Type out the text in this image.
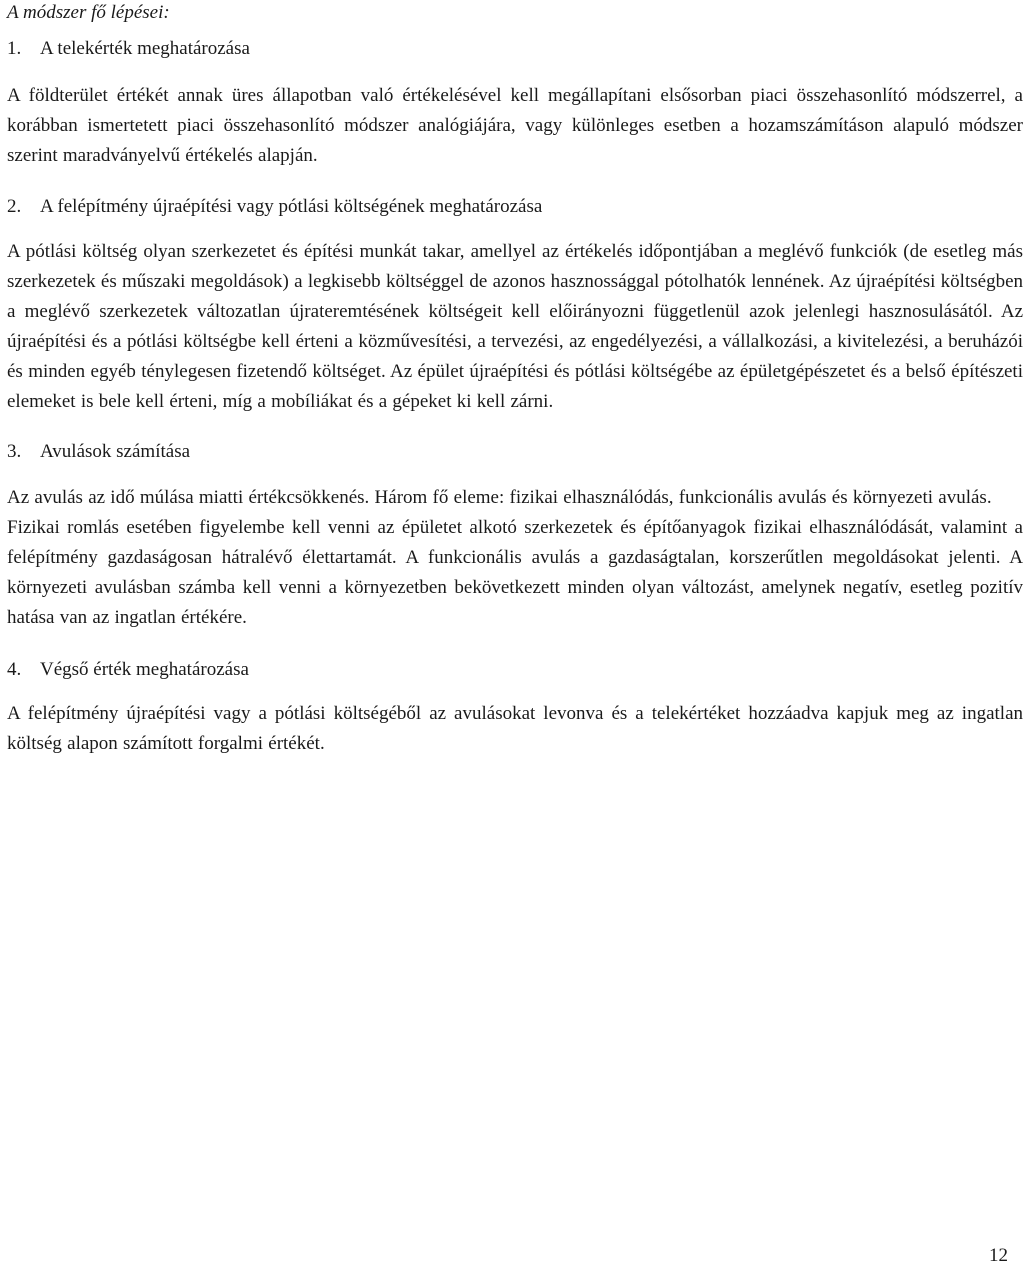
A módszer fő lépései:

1. A telekérték meghatározása

A földterület értékét annak üres állapotban való értékelésével kell megállapítani elsősorban piaci összehasonlító módszerrel, a korábban ismertetett piaci összehasonlító módszer analógiájára, vagy különleges esetben a hozamszámításon alapuló módszer szerint maradványelvű értékelés alapján.

2. A felépítmény újraépítési vagy pótlási költségének meghatározása

A pótlási költség olyan szerkezetet és építési munkát takar, amellyel az értékelés időpontjában a meglévő funkciók (de esetleg más szerkezetek és műszaki megoldások) a legkisebb költséggel de azonos hasznossággal pótolhatók lennének. Az újraépítési költségben a meglévő szerkezetek változatlan újrateremtésének költségeit kell előirányozni függetlenül azok jelenlegi hasznosulásától. Az újraépítési és a pótlási költségbe kell érteni a közművesítési, a tervezési, az engedélyezési, a vállalkozási, a kivitelezési, a beruházói és minden egyéb ténylegesen fizetendő költséget. Az épület újraépítési és pótlási költségébe az épületgépészetet és a belső építészeti elemeket is bele kell érteni, míg a mobíliákat és a gépeket ki kell zárni.

3. Avulások számítása

Az avulás az idő múlása miatti értékcsökkenés. Három fő eleme: fizikai elhasználódás, funkcionális avulás és környezeti avulás.

Fizikai romlás esetében figyelembe kell venni az épületet alkotó szerkezetek és építőanyagok fizikai elhasználódását, valamint a felépítmény gazdaságosan hátralévő élettartamát. A funkcionális avulás a gazdaságtalan, korszerűtlen megoldásokat jelenti. A környezeti avulásban számba kell venni a környezetben bekövetkezett minden olyan változást, amelynek negatív, esetleg pozitív hatása van az ingatlan értékére.

4. Végső érték meghatározása

A felépítmény újraépítési vagy a pótlási költségéből az avulásokat levonva és a telekértéket hozzáadva kapjuk meg az ingatlan költség alapon számított forgalmi értékét.

12
